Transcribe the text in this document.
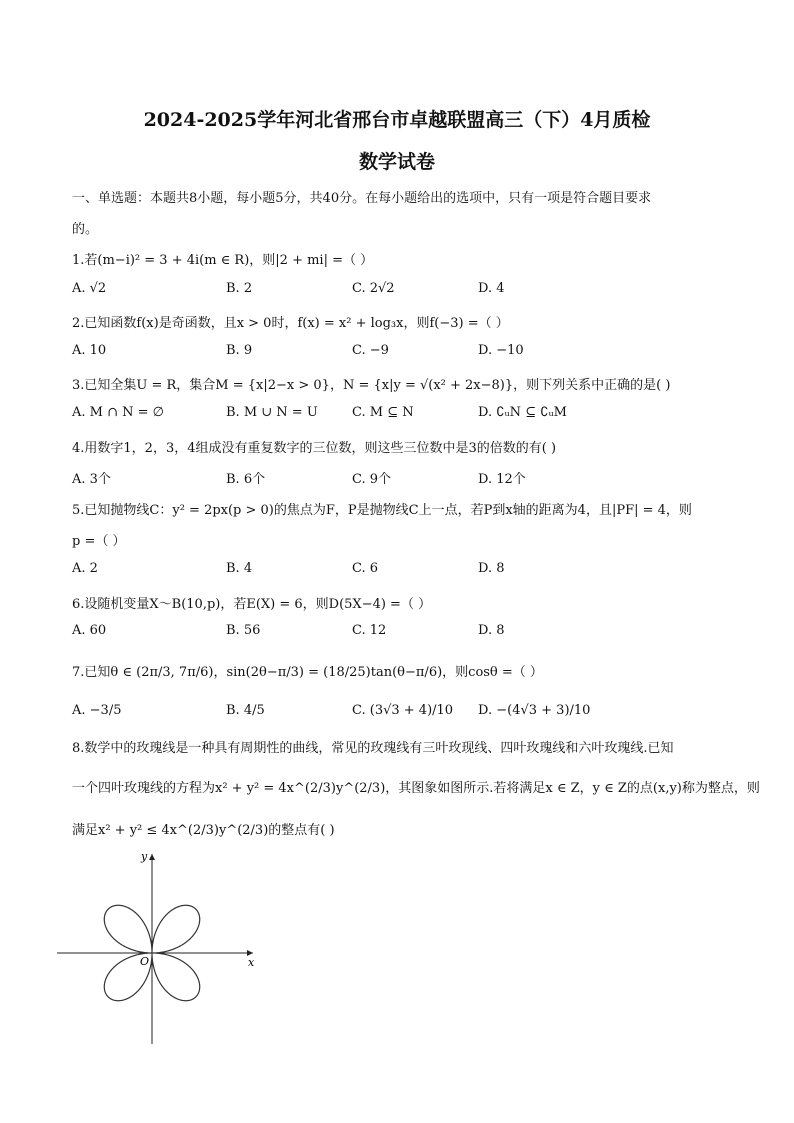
2024-2025学年河北省邢台市卓越联盟高三（下）4月质检
数学试卷
一、单选题：本题共8小题，每小题5分，共40分。在每小题给出的选项中，只有一项是符合题目要求
的。
1.若(m−i)² = 3 + 4i(m ∈ R)，则|2 + mi| =（ ）
A. √2	B. 2	C. 2√2	D. 4
2.已知函数f(x)是奇函数，且x > 0时，f(x) = x² + log₃x，则f(−3) =（ ）
A. 10	B. 9	C. −9	D. −10
3.已知全集U = R，集合M = {x|2−x > 0}，N = {x|y = √(x² + 2x−8)}，则下列关系中正确的是( )
A. M ∩ N = ∅	B. M ∪ N = U	C. M ⊆ N	D. ∁ᵤN ⊆ ∁ᵤM
4.用数字1，2，3，4组成没有重复数字的三位数，则这些三位数中是3的倍数的有( )
A. 3个	B. 6个	C. 9个	D. 12个
5.已知抛物线C：y² = 2px(p > 0)的焦点为F，P是抛物线C上一点，若P到x轴的距离为4，且|PF| = 4，则
p =（ ）
A. 2	B. 4	C. 6	D. 8
6.设随机变量X～B(10,p)，若E(X) = 6，则D(5X−4) =（ ）
A. 60	B. 56	C. 12	D. 8
7.已知θ ∈ (2π/3, 7π/6)，sin(2θ−π/3) = (18/25)tan(θ−π/6)，则cosθ =（ ）
A. −3/5	B. 4/5	C. (3√3 + 4)/10 D. −(4√3 + 3)/10
8.数学中的玫瑰线是一种具有周期性的曲线，常见的玫瑰线有三叶玫现线、四叶玫瑰线和六叶玫瑰线.已知
一个四叶玫瑰线的方程为x² + y² = 4x^(2/3)y^(2/3)，其图象如图所示.若将满足x ∈ Z，y ∈ Z的点(x,y)称为整点，则
满足x² + y² ≤ 4x^(2/3)y^(2/3)的整点有( )
x
y
O
